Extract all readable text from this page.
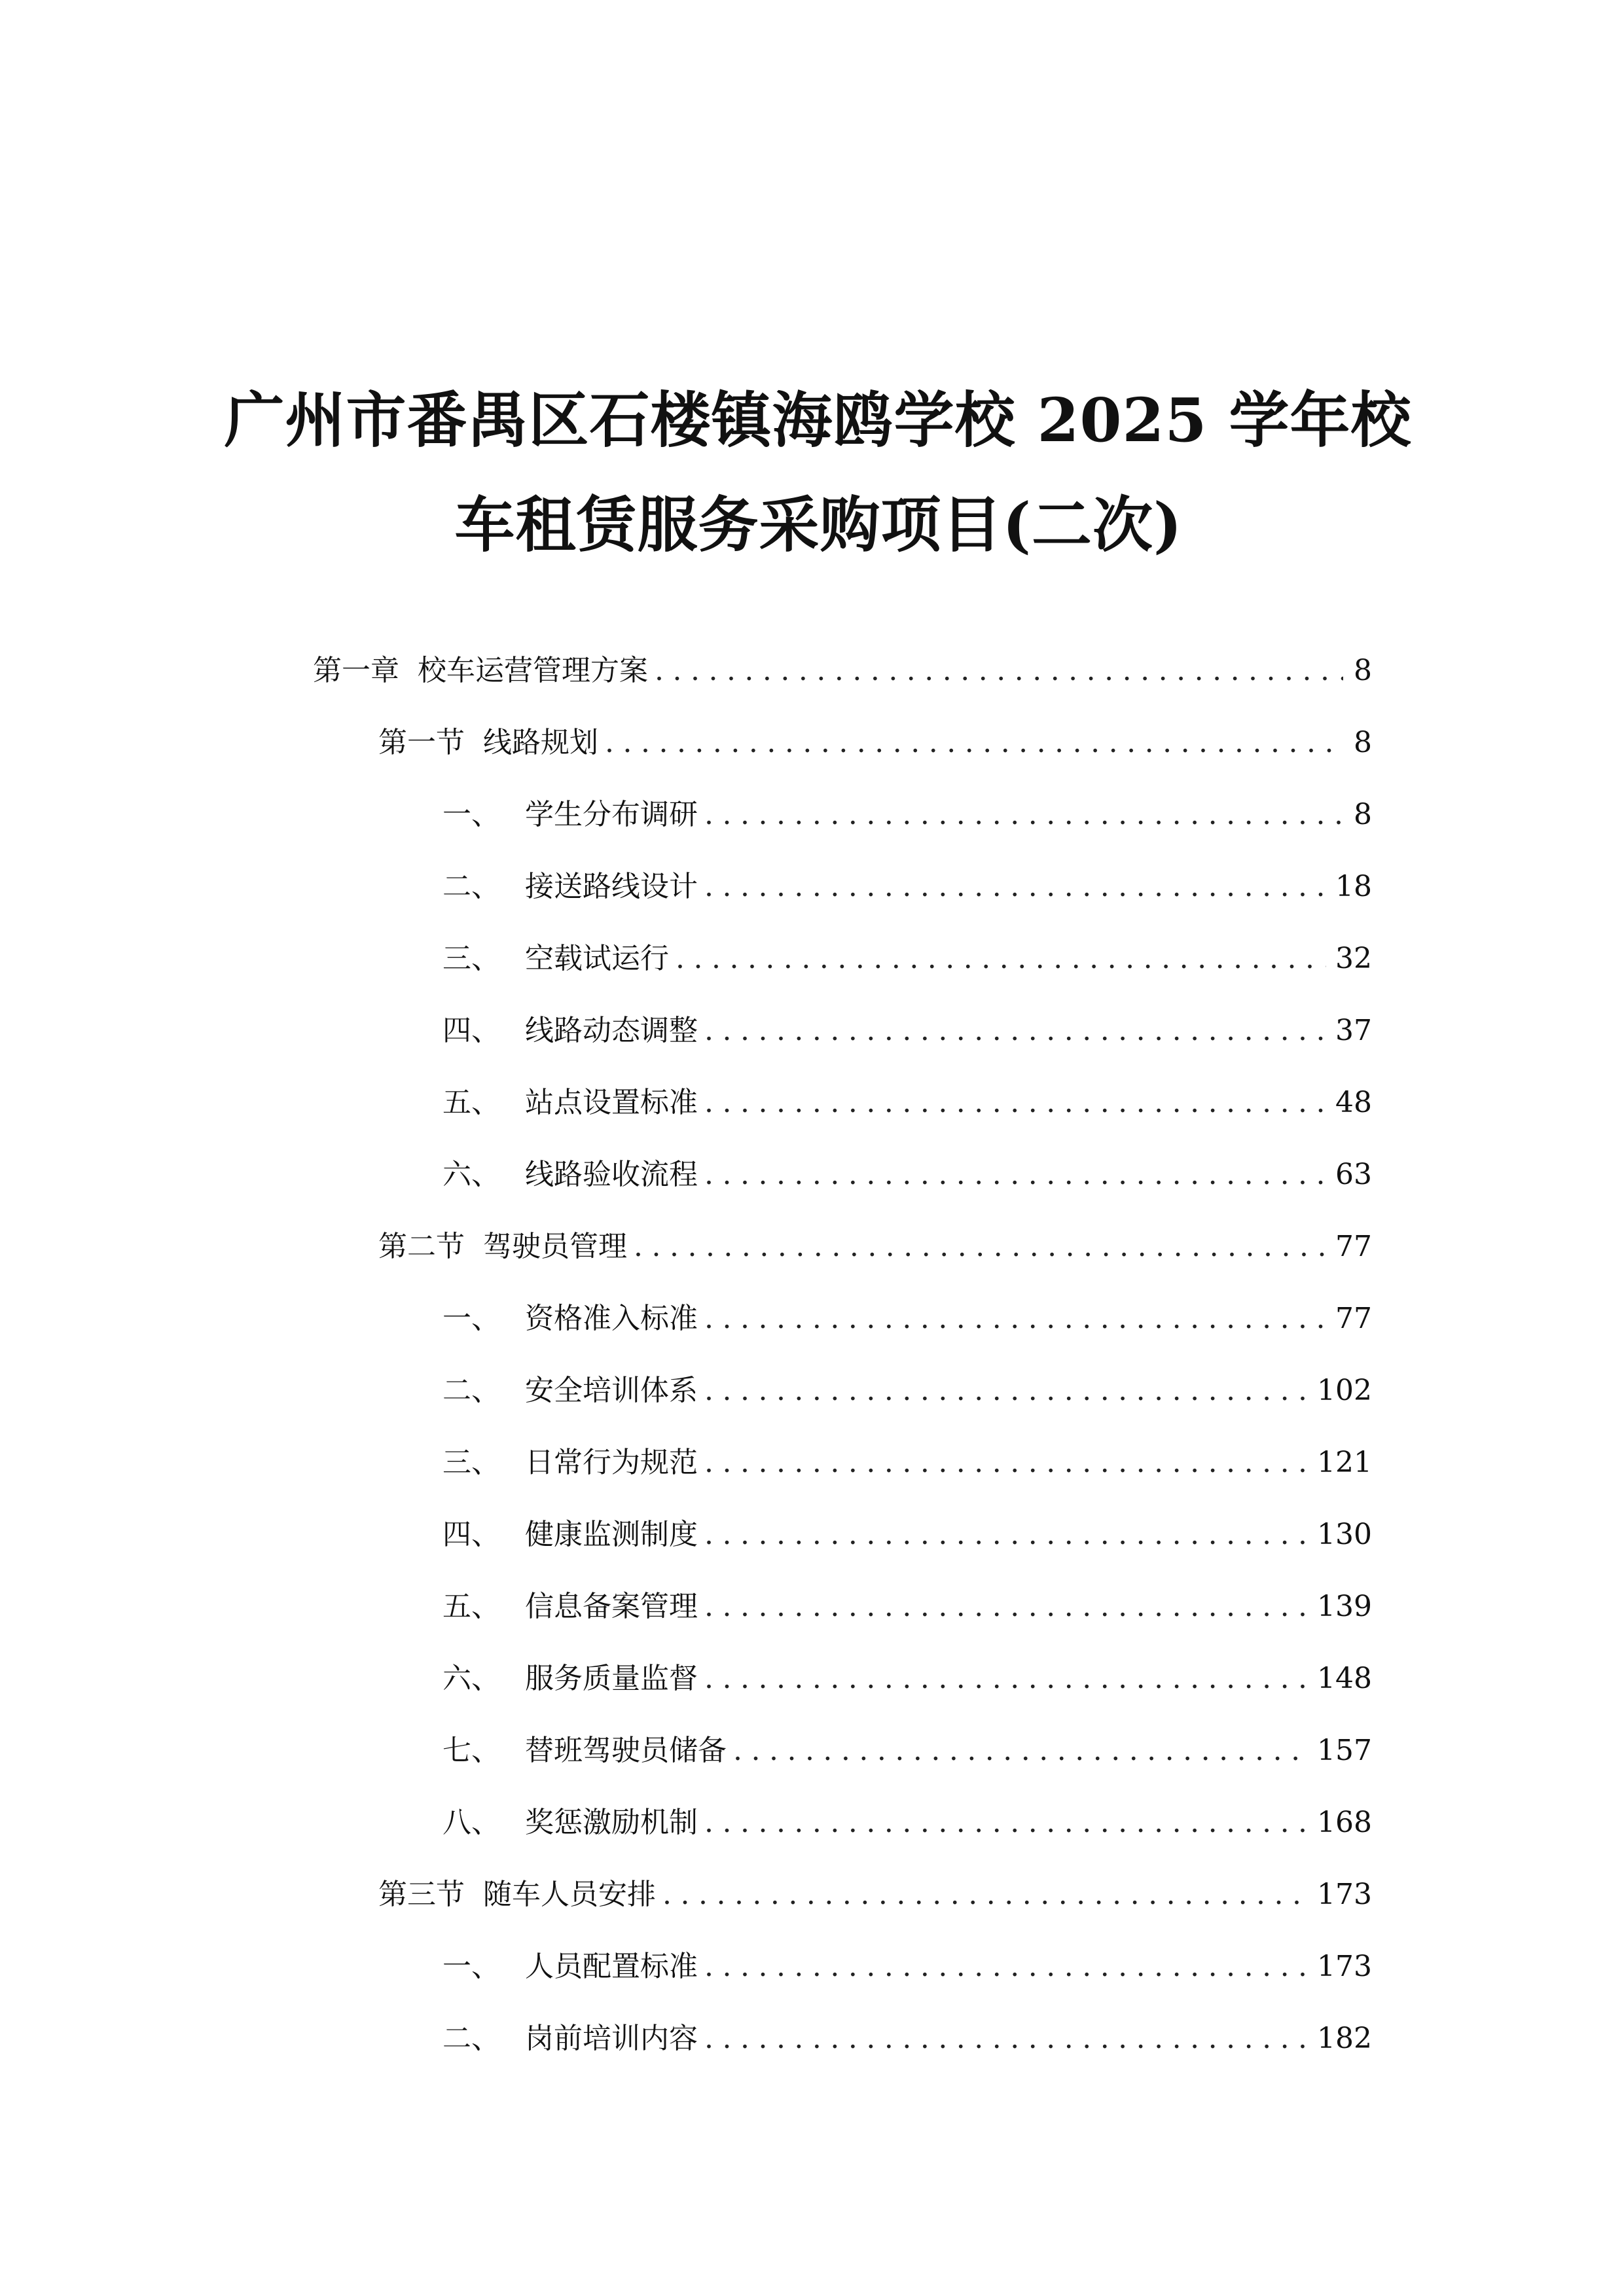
广州市番禺区石楼镇海鸥学校 2025 学年校
车租赁服务采购项目(二次)
第一章 校车运营管理方案 .....	8
第一节 线路规划 .....	8
一、 学生分布调研 .....	8
二、 接送路线设计 .....	18
三、 空载试运行 .....	32
四、 线路动态调整 .....	37
五、 站点设置标准 .....	48
六、 线路验收流程 .....	63
第二节 驾驶员管理 .....	77
一、 资格准入标准 .....	77
二、 安全培训体系 .....	102
三、 日常行为规范 .....	121
四、 健康监测制度 .....	130
五、 信息备案管理 .....	139
六、 服务质量监督 .....	148
七、 替班驾驶员储备 .....	157
八、 奖惩激励机制 .....	168
第三节 随车人员安排 .....	173
一、 人员配置标准 .....	173
二、 岗前培训内容 .....	182
